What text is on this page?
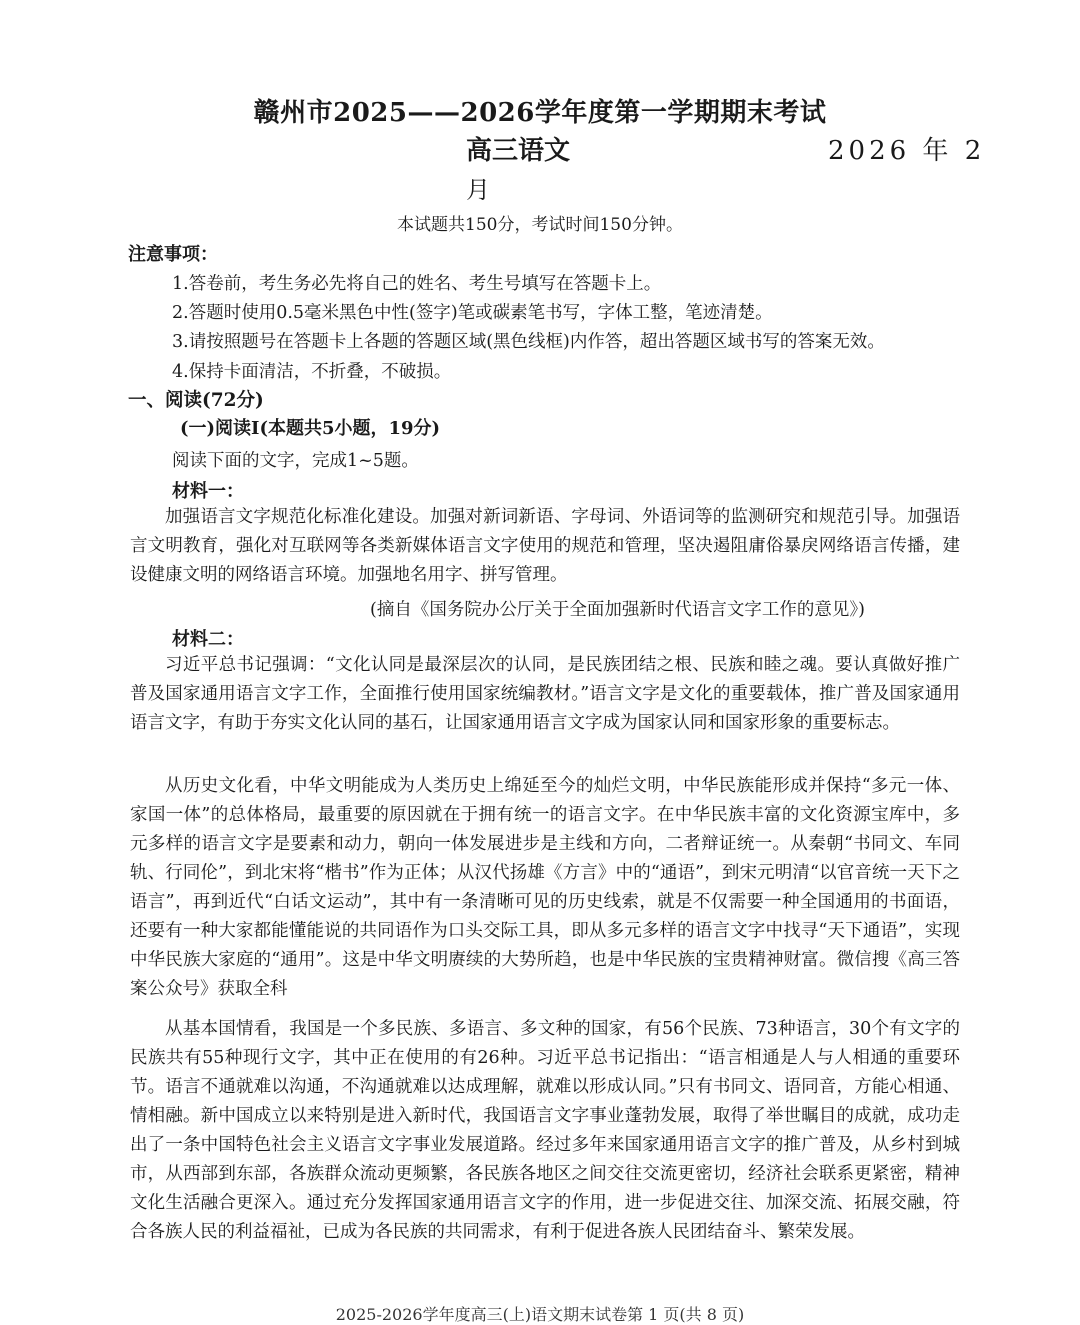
赣州市2025——2026学年度第一学期期末考试
高三语文	2026 年 2
月
本试题共150分，考试时间150分钟。
注意事项：
1.答卷前，考生务必先将自己的姓名、考生号填写在答题卡上。
2.答题时使用0.5毫米黑色中性(签字)笔或碳素笔书写，字体工整，笔迹清楚。
3.请按照题号在答题卡上各题的答题区域(黑色线框)内作答，超出答题区域书写的答案无效。
4.保持卡面清洁，不折叠，不破损。
一、阅读(72分)
(一)阅读Ⅰ(本题共5小题，19分)
阅读下面的文字，完成1~5题。
材料一：

加强语言文字规范化标准化建设。加强对新词新语、字母词、外语词等的监测研究和规范引导。加强语言文明教育，强化对互联网等各类新媒体语言文字使用的规范和管理，坚决遏阻庸俗暴戾网络语言传播，建设健康文明的网络语言环境。加强地名用字、拼写管理。

(摘自《国务院办公厅关于全面加强新时代语言文字工作的意见》)
材料二：

习近平总书记强调：“文化认同是最深层次的认同，是民族团结之根、民族和睦之魂。要认真做好推广普及国家通用语言文字工作，全面推行使用国家统编教材。”语言文字是文化的重要载体，推广普及国家通用语言文字，有助于夯实文化认同的基石，让国家通用语言文字成为国家认同和国家形象的重要标志。

从历史文化看，中华文明能成为人类历史上绵延至今的灿烂文明，中华民族能形成并保持“多元一体、家国一体”的总体格局，最重要的原因就在于拥有统一的语言文字。在中华民族丰富的文化资源宝库中，多元多样的语言文字是要素和动力，朝向一体发展进步是主线和方向，二者辩证统一。从秦朝“书同文、车同轨、行同伦”，到北宋将“楷书”作为正体；从汉代扬雄《方言》中的“通语”，到宋元明清“以官音统一天下之语言”，再到近代“白话文运动”，其中有一条清晰可见的历史线索，就是不仅需要一种全国通用的书面语，还要有一种大家都能懂能说的共同语作为口头交际工具，即从多元多样的语言文字中找寻“天下通语”，实现中华民族大家庭的“通用”。这是中华文明赓续的大势所趋，也是中华民族的宝贵精神财富。微信搜《高三答案公众号》获取全科

从基本国情看，我国是一个多民族、多语言、多文种的国家，有56个民族、73种语言，30个有文字的民族共有55种现行文字，其中正在使用的有26种。习近平总书记指出：“语言相通是人与人相通的重要环节。语言不通就难以沟通，不沟通就难以达成理解，就难以形成认同。”只有书同文、语同音，方能心相通、情相融。新中国成立以来特别是进入新时代，我国语言文字事业蓬勃发展，取得了举世瞩目的成就，成功走出了一条中国特色社会主义语言文字事业发展道路。经过多年来国家通用语言文字的推广普及，从乡村到城市，从西部到东部，各族群众流动更频繁，各民族各地区之间交往交流更密切，经济社会联系更紧密，精神文化生活融合更深入。通过充分发挥国家通用语言文字的作用，进一步促进交往、加深交流、拓展交融，符合各族人民的利益福祉，已成为各民族的共同需求，有利于促进各族人民团结奋斗、繁荣发展。

2025-2026学年度高三(上)语文期末试卷第 1 页(共 8 页)
